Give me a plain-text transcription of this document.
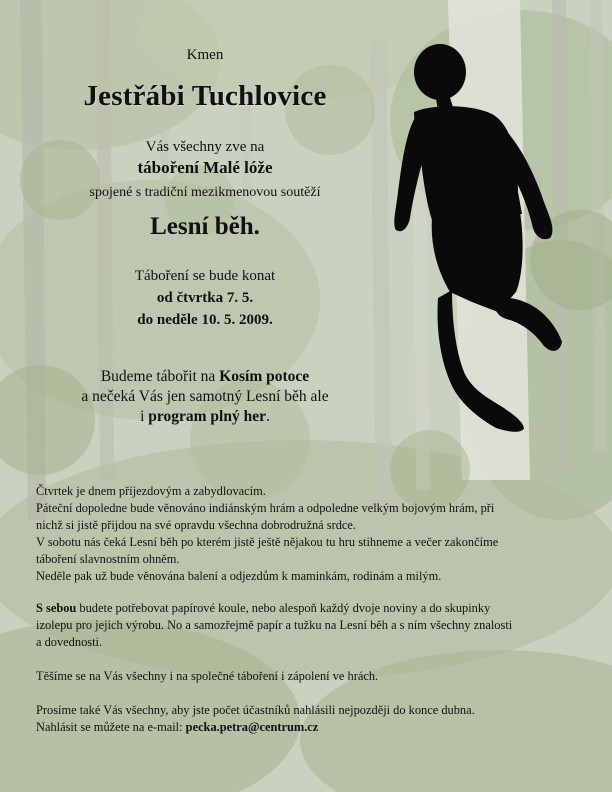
Kmen
Jestřábi Tuchlovice
Vás všechny zve na
táboření Malé lóže
spojené s tradiční mezikmenovou soutěží
Lesní běh.
Táboření se bude konat
od čtvrtka 7. 5.
do neděle 10. 5. 2009.
Budeme tábořit na Kosím potoce
a nečeká Vás jen samotný Lesní běh ale
i program plný her.
Čtvrtek je dnem příjezdovým a zabydlovacím.
Páteční dopoledne bude věnováno indiánským hrám a odpoledne velkým bojovým hrám, při
nichž si jistě přijdou na své opravdu všechna dobrodružná srdce.
V sobotu nás čeká Lesní běh po kterém jistě ještě nějakou tu hru stihneme a večer zakončíme
táboření slavnostním ohněm.
Neděle pak už bude věnována balení a odjezdům k maminkám, rodinám a milým.
S sebou budete potřebovat papírové koule, nebo alespoň každý dvoje noviny a do skupinky
izolepu pro jejich výrobu. No a samozřejmě papír a tužku na Lesní běh a s ním všechny znalosti
a dovednosti.
Těšíme se na Vás všechny i na společné táboření i zápolení ve hrách.
Prosíme také Vás všechny, aby jste počet účastníků nahlásili nejpozději do konce dubna.
Nahlásit se můžete na e-mail: pecka.petra@centrum.cz
